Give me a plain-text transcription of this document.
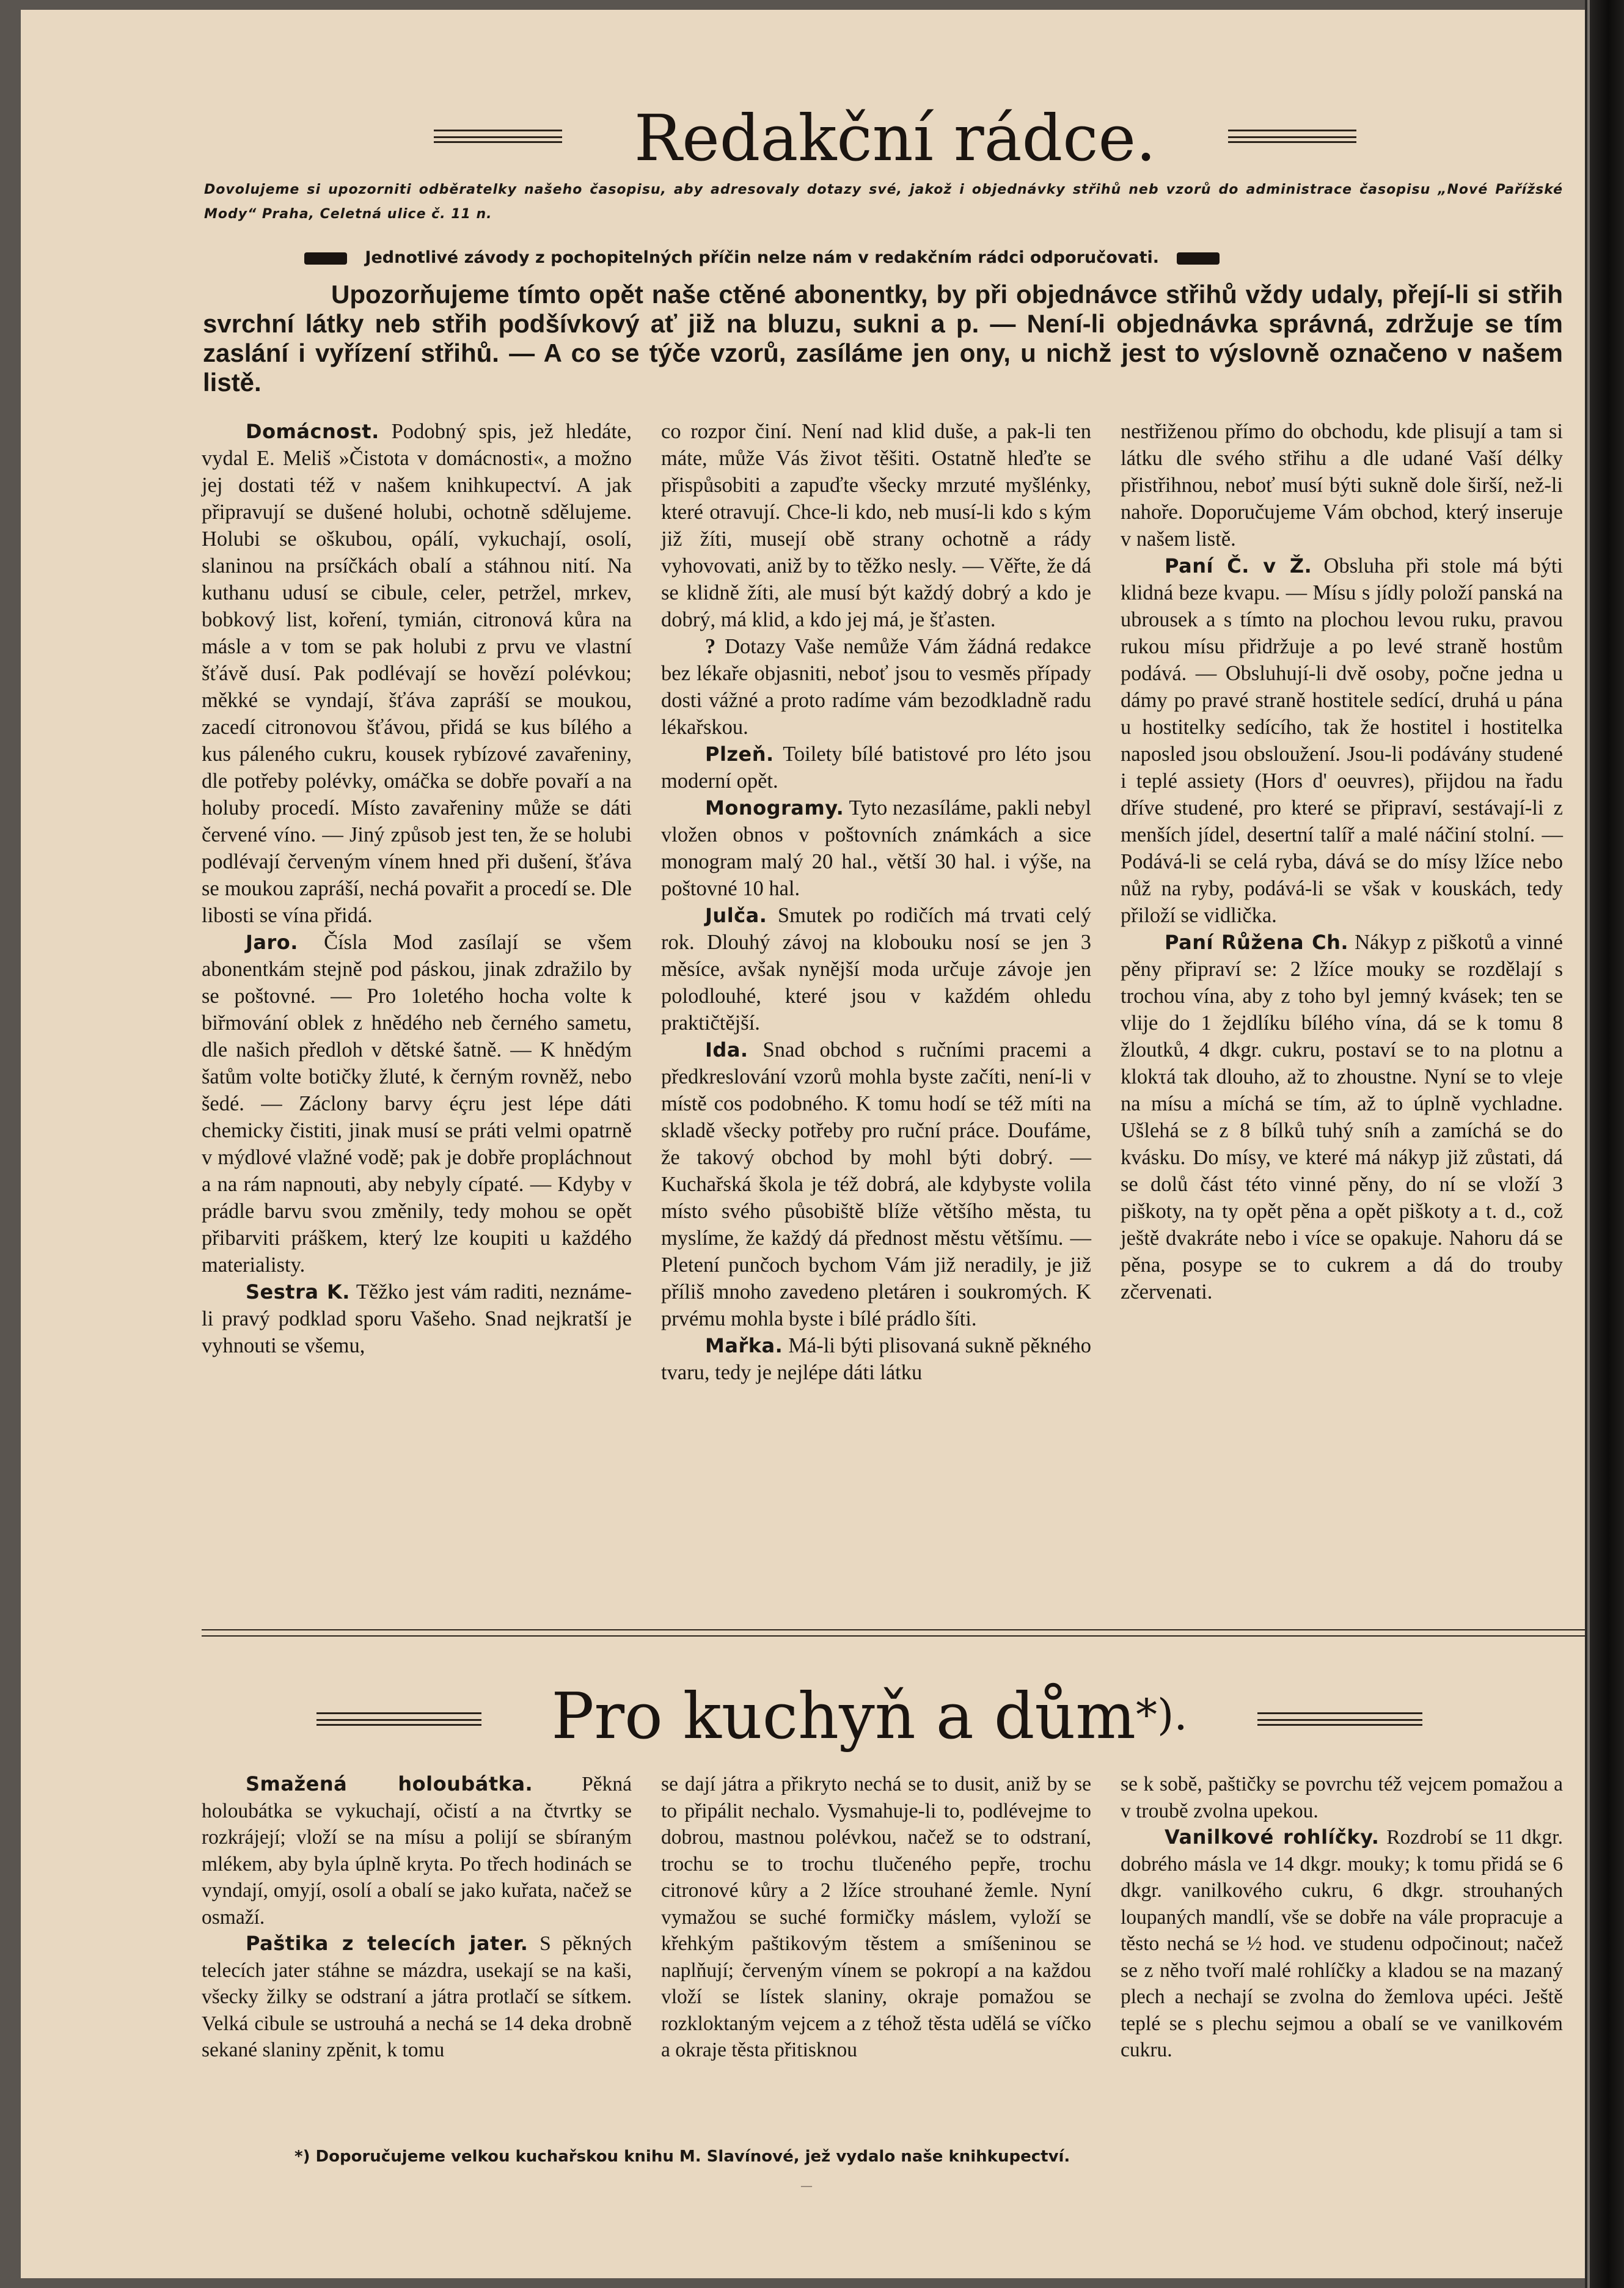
Redakční rádce.
Dovolujeme si upozorniti odběratelky našeho časopisu, aby adresovaly dotazy své, jakož i objednávky střihů neb vzorů do administrace časopisu „Nové Pařížské Mody“ Praha, Celetná ulice č. 11 n.
Jednotlivé závody z pochopitelných příčin nelze nám v redakčním rádci odporučovati.
Upozorňujeme tímto opět naše ctěné abonentky, by při objednávce střihů vždy udaly, přejí-li si střih svrchní látky neb střih podšívkový ať již na bluzu, sukni a p. — Není-li objednávka správná, zdržuje se tím zaslání i vyřízení střihů. — A co se týče vzorů, zasíláme jen ony, u nichž jest to výslovně označeno v našem listě.

Domácnost. Podobný spis, jež hledáte, vydal E. Meliš »Čistota v domácnosti«, a možno jej dostati též v našem knihkupectví. A jak připravují se dušené holubi, ochotně sdělujeme. Holubi se oškubou, opálí, vykuchají, osolí, slaninou na prsíčkách obalí a stáhnou nití. Na kuthanu udusí se cibule, celer, petržel, mrkev, bobkový list, koření, tymián, citronová kůra na másle a v tom se pak holubi z prvu ve vlastní šťávě dusí. Pak podlévají se hovězí polévkou; měkké se vyndají, šťáva zapráší se moukou, zacedí citronovou šťávou, přidá se kus bílého a kus páleného cukru, kousek rybízové zavařeniny, dle potřeby polévky, omáčka se dobře povaří a na holuby procedí. Místo zavařeniny může se dáti červené víno. — Jiný způsob jest ten, že se holubi podlévají červeným vínem hned při dušení, šťáva se moukou zapráší, nechá povařit a procedí se. Dle libosti se vína přidá.

Jaro. Čísla Mod zasílají se všem abonentkám stejně pod páskou, jinak zdražilo by se poštovné. — Pro 1oletého hocha volte k biřmování oblek z hnědého neb černého sametu, dle našich předloh v dětské šatně. — K hnědým šatům volte botičky žluté, k černým rovněž, nebo šedé. — Záclony barvy éçru jest lépe dáti chemicky čistiti, jinak musí se práti velmi opatrně v mýdlové vlažné vodě; pak je dobře propláchnout a na rám napnouti, aby nebyly cípaté. — Kdyby v prádle barvu svou změnily, tedy mohou se opět přibarviti práškem, který lze koupiti u každého materialisty.

Sestra K. Těžko jest vám raditi, neznáme-li pravý podklad sporu Vašeho. Snad nejkratší je vyhnouti se všemu,

co rozpor činí. Není nad klid duše, a pak-li ten máte, může Vás život těšiti. Ostatně hleďte se přispůsobiti a zapuďte všecky mrzuté myšlénky, které otravují. Chce-li kdo, neb musí-li kdo s kým již žíti, musejí obě strany ochotně a rády vyhovovati, aniž by to těžko nesly. — Věřte, že dá se klidně žíti, ale musí být každý dobrý a kdo je dobrý, má klid, a kdo jej má, je šťasten.

? Dotazy Vaše nemůže Vám žádná redakce bez lékaře objasniti, neboť jsou to vesměs případy dosti vážné a proto radíme vám bezodkladně radu lékařskou.

Plzeň. Toilety bílé batistové pro léto jsou moderní opět.

Monogramy. Tyto nezasíláme, pakli nebyl vložen obnos v poštovních známkách a sice monogram malý 20 hal., větší 30 hal. i výše, na poštovné 10 hal.

Julča. Smutek po rodičích má trvati celý rok. Dlouhý závoj na klobouku nosí se jen 3 měsíce, avšak nynější moda určuje závoje jen polodlouhé, které jsou v každém ohledu praktičtější.

Ida. Snad obchod s ručními pracemi a předkreslování vzorů mohla byste začíti, není-li v místě cos podobného. K tomu hodí se též míti na skladě všecky potřeby pro ruční práce. Doufáme, že takový obchod by mohl býti dobrý. — Kuchařská škola je též dobrá, ale kdybyste volila místo svého působiště blíže většího města, tu myslíme, že každý dá přednost městu většímu. — Pletení punčoch bychom Vám již neradily, je již příliš mnoho zavedeno pletáren i soukromých. K prvému mohla byste i bílé prádlo šíti.

Mařka. Má-li býti plisovaná sukně pěkného tvaru, tedy je nejlépe dáti látku

nestřiženou přímo do obchodu, kde plisují a tam si látku dle svého střihu a dle udané Vaší délky přistřihnou, neboť musí býti sukně dole širší, než-li nahoře. Doporučujeme Vám obchod, který inseruje v našem listě.

Paní Č. v Ž. Obsluha při stole má býti klidná beze kvapu. — Mísu s jídly položí panská na ubrousek a s tímto na plochou levou ruku, pravou rukou mísu přidržuje a po levé straně hostům podává. — Obsluhují-li dvě osoby, počne jedna u dámy po pravé straně hostitele sedící, druhá u pána u hostitelky sedícího, tak že hostitel i hostitelka naposled jsou obsloužení. Jsou-li podávány studené i teplé assiety (Hors d' oeuvres), přijdou na řadu dříve studené, pro které se připraví, sestávají-li z menších jídel, desertní talíř a malé náčiní stolní. — Podává-li se celá ryba, dává se do mísy lžíce nebo nůž na ryby, podává-li se však v kouskách, tedy přiloží se vidlička.

Paní Růžena Ch. Nákyp z piškotů a vinné pěny připraví se: 2 lžíce mouky se rozdělají s trochou vína, aby z toho byl jemný kvásek; ten se vlije do 1 žejdlíku bílého vína, dá se k tomu 8 žloutků, 4 dkgr. cukru, postaví se to na plotnu a klokτá tak dlouho, až to zhoustne. Nyní se to vleje na mísu a míchá se tím, až to úplně vychladne. Ušlehá se z 8 bílků tuhý sníh a zamíchá se do kvásku. Do mísy, ve které má nákyp již zůstati, dá se dolů část této vinné pěny, do ní se vloží 3 piškoty, na ty opět pěna a opět piškoty a t. d., což ještě dvakráte nebo i více se opakuje. Nahoru dá se pěna, posype se to cukrem a dá do trouby zčervenati.

Pro kuchyň a dům*).

Smažená holoubátka. Pěkná holoubátka se vykuchají, očistí a na čtvrtky se rozkrájejí; vloží se na mísu a polijí se sbíraným mlékem, aby byla úplně kryta. Po třech hodinách se vyndají, omyjí, osolí a obalí se jako kuřata, načež se osmaží.

Paštika z telecích jater. S pěkných telecích jater stáhne se mázdra, usekají se na kaši, všecky žilky se odstraní a játra protlačí se sítkem. Velká cibule se ustrouhá a nechá se 14 deka drobně sekané slaniny zpěnit, k tomu

se dají játra a přikryto nechá se to dusit, aniž by se to připálit nechalo. Vysmahuje-li to, podlévejme to dobrou, mastnou polévkou, načež se to odstraní, trochu se to trochu tlučeného pepře, trochu citronové kůry a 2 lžíce strouhané žemle. Nyní vymažou se suché formičky máslem, vyloží se křehkým paštikovým těstem a smíšeninou se naplňují; červeným vínem se pokropí a na každou vloží se lístek slaniny, okraje pomažou se rozkloktaným vejcem a z téhož těsta udělá se víčko a okraje těsta přitisknou

se k sobě, paštičky se povrchu též vejcem pomažou a v troubě zvolna upekou.

Vanilkové rohlíčky. Rozdrobí se 11 dkgr. dobrého másla ve 14 dkgr. mouky; k tomu přidá se 6 dkgr. vanilkového cukru, 6 dkgr. strouhaných loupaných mandlí, vše se dobře na vále propracuje a těsto nechá se ½ hod. ve studenu odpočinout; načež se z něho tvoří malé rohlíčky a kladou se na mazaný plech a nechají se zvolna do žemlova upéci. Ještě teplé se s plechu sejmou a obalí se ve vanilkovém cukru.

*) Doporučujeme velkou kuchařskou knihu M. Slavínové, jež vydalo naše knihkupectví.
—
